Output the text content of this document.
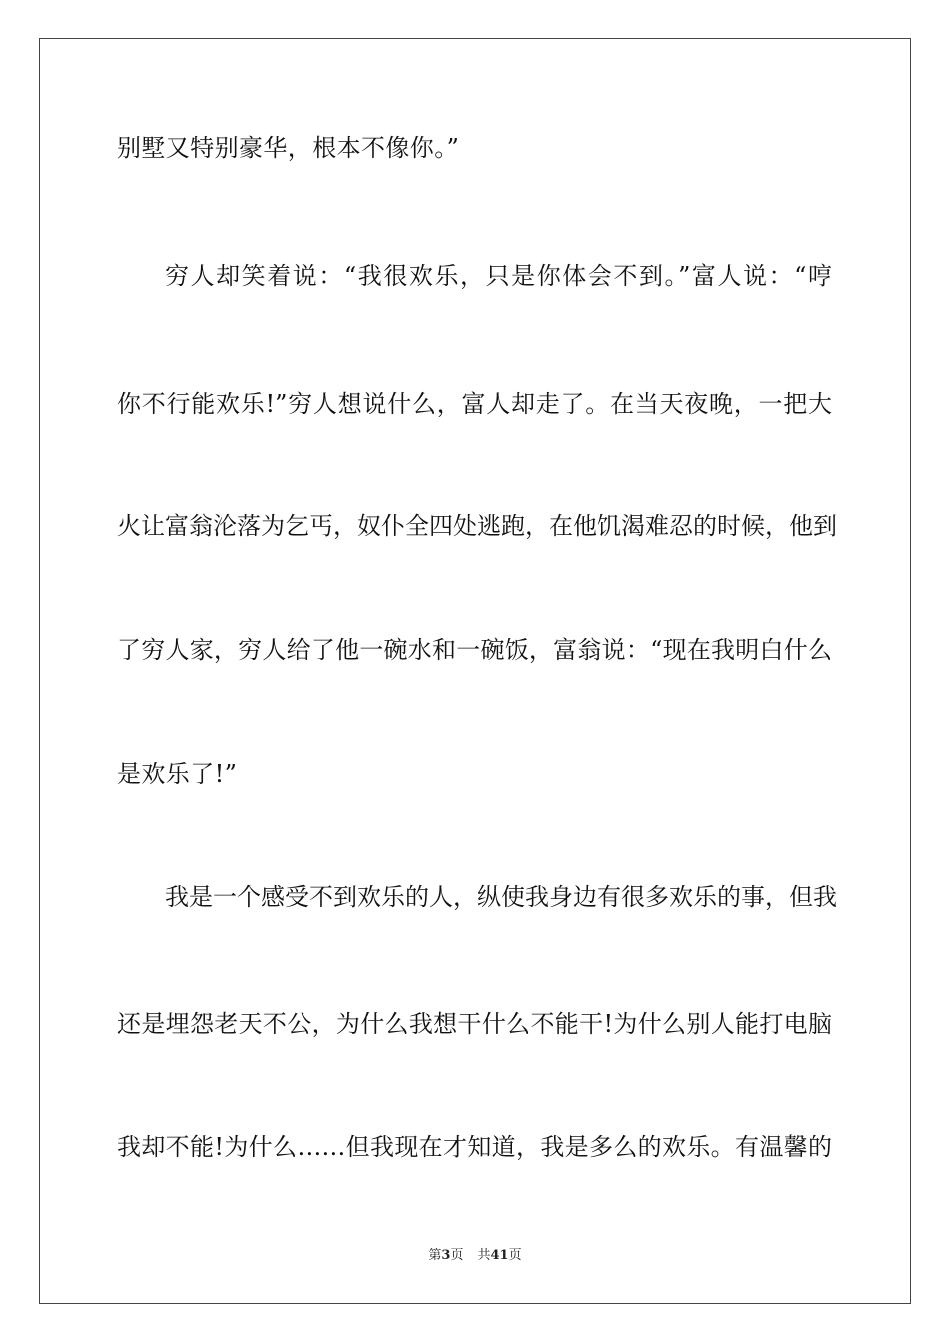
别墅又特别豪华，根本不像你。”
穷人却笑着说：“我很欢乐，只是你体会不到。”富人说：“哼
你不行能欢乐!”穷人想说什么，富人却走了。在当天夜晚，一把大
火让富翁沦落为乞丐，奴仆全四处逃跑，在他饥渴难忍的时候，他到
了穷人家，穷人给了他一碗水和一碗饭，富翁说：“现在我明白什么
是欢乐了!”
我是一个感受不到欢乐的人，纵使我身边有很多欢乐的事，但我
还是埋怨老天不公，为什么我想干什么不能干!为什么别人能打电脑
我却不能!为什么……但我现在才知道，我是多么的欢乐。有温馨的
第3页 共41页
